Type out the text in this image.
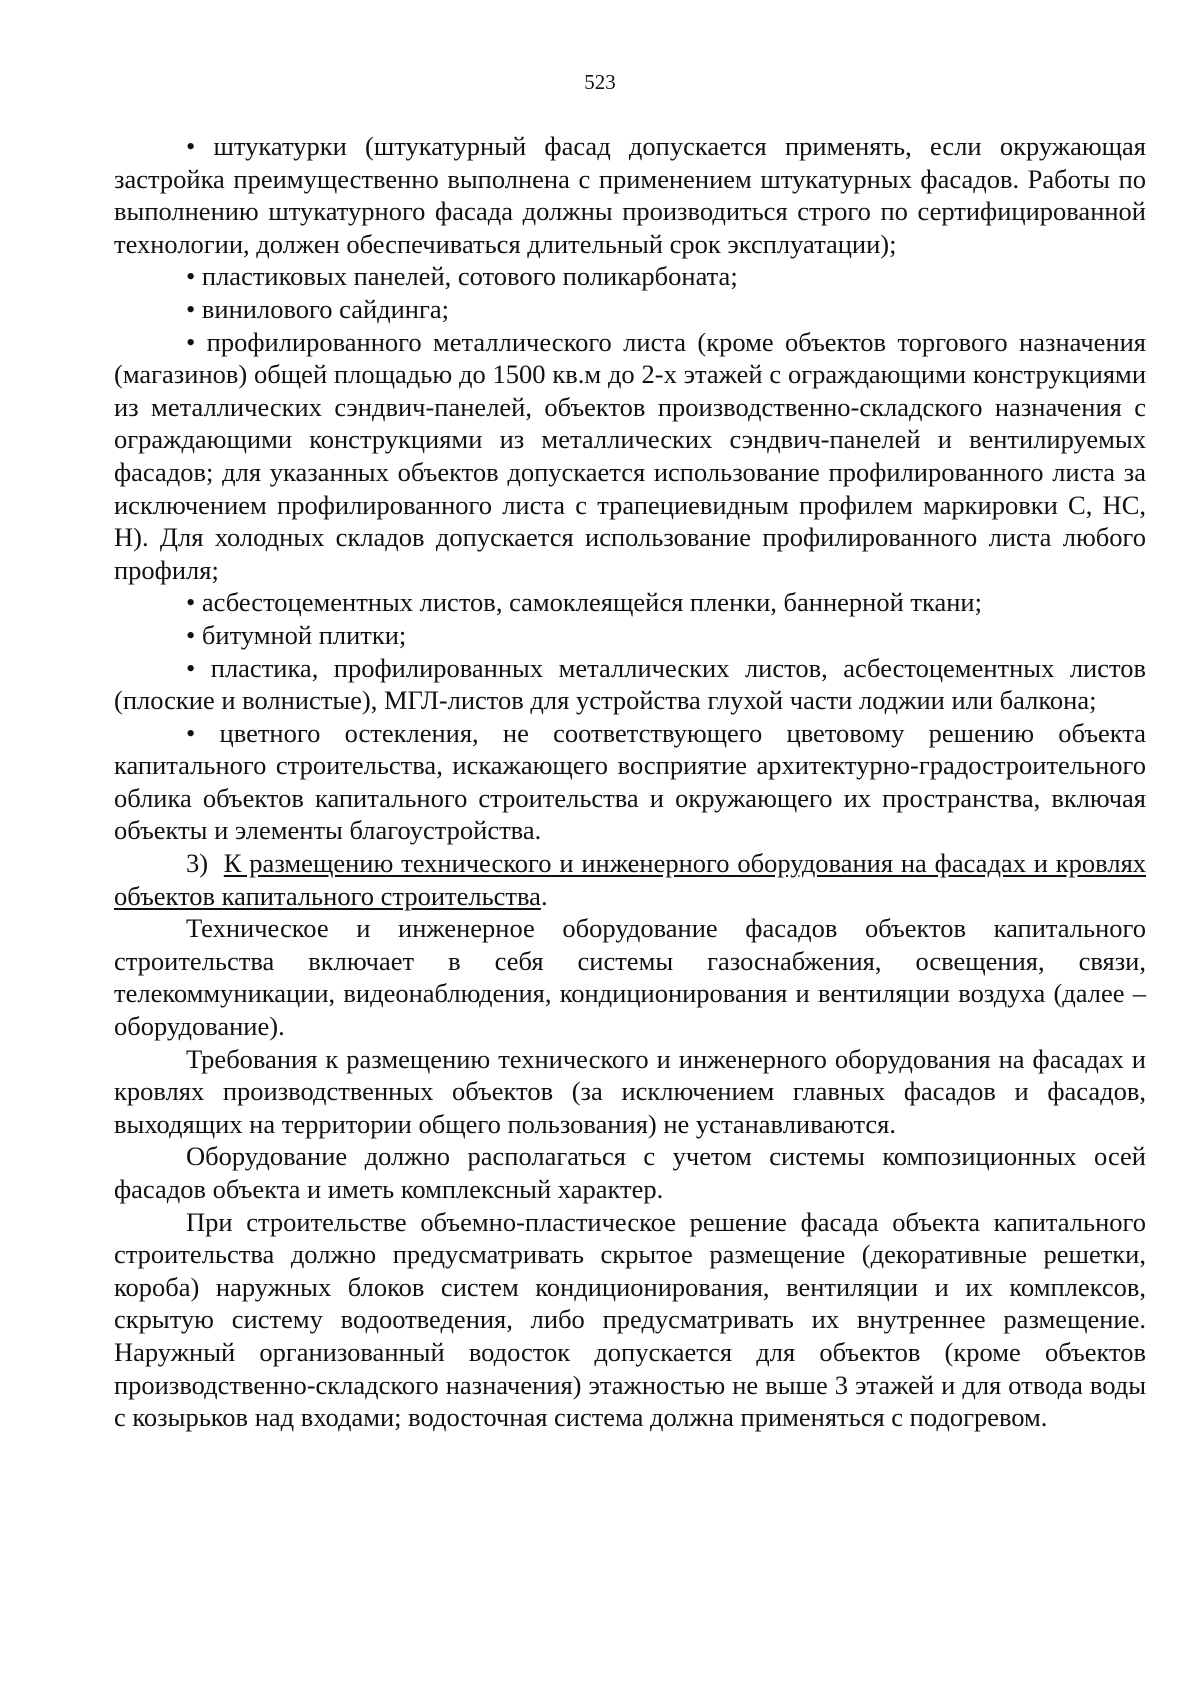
523

• штукатурки (штукатурный фасад допускается применять, если окружающая застройка преимущественно выполнена с применением штукатурных фасадов. Работы по выполнению штукатурного фасада должны производиться строго по сертифицированной технологии, должен обеспечиваться длительный срок эксплуатации);

• пластиковых панелей, сотового поликарбоната;

• винилового сайдинга;

• профилированного металлического листа (кроме объектов торгового назначения (магазинов) общей площадью до 1500 кв.м до 2-х этажей с ограждающими конструкциями из металлических сэндвич-панелей, объектов производственно-складского назначения с ограждающими конструкциями из металлических сэндвич-панелей и вентилируемых фасадов; для указанных объектов допускается использование профилированного листа за исключением профилированного листа с трапециевидным профилем маркировки С, НС, Н). Для холодных складов допускается использование профилированного листа любого профиля;

• асбестоцементных листов, самоклеящейся пленки, баннерной ткани;

• битумной плитки;

• пластика, профилированных металлических листов, асбестоцементных листов (плоские и волнистые), МГЛ-листов для устройства глухой части лоджии или балкона;

• цветного остекления, не соответствующего цветовому решению объекта капитального строительства, искажающего восприятие архитектурно-градостроительного облика объектов капитального строительства и окружающего их пространства, включая объекты и элементы благоустройства.

3) К размещению технического и инженерного оборудования на фасадах и кровлях объектов капитального строительства.

Техническое и инженерное оборудование фасадов объектов капитального строительства включает в себя системы газоснабжения, освещения, связи, телекоммуникации, видеонаблюдения, кондиционирования и вентиляции воздуха (далее – оборудование).

Требования к размещению технического и инженерного оборудования на фасадах и кровлях производственных объектов (за исключением главных фасадов и фасадов, выходящих на территории общего пользования) не устанавливаются.

Оборудование должно располагаться с учетом системы композиционных осей фасадов объекта и иметь комплексный характер.

При строительстве объемно-пластическое решение фасада объекта капитального строительства должно предусматривать скрытое размещение (декоративные решетки, короба) наружных блоков систем кондиционирования, вентиляции и их комплексов, скрытую систему водоотведения, либо предусматривать их внутреннее размещение. Наружный организованный водосток допускается для объектов (кроме объектов производственно-складского назначения) этажностью не выше 3 этажей и для отвода воды с козырьков над входами; водосточная система должна применяться с подогревом.
